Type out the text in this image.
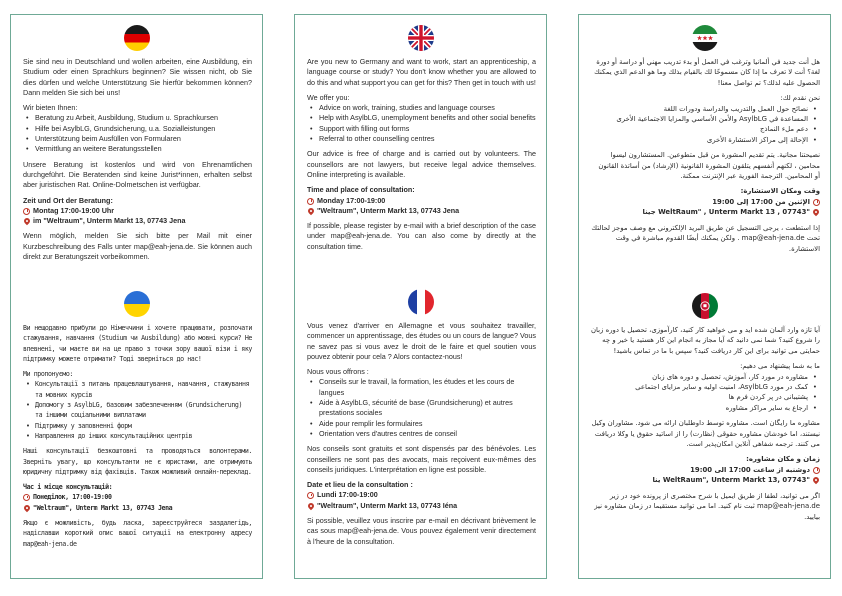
Sie sind neu in Deutschland und wollen arbeiten, eine Ausbildung, ein Studium oder einen Sprachkurs beginnen? Sie wissen nicht, ob Sie dies dürfen und welche Unterstützung Sie hierfür bekommen können? Dann melden Sie sich bei uns!

Wir bieten Ihnen:

• Beratung zu Arbeit, Ausbildung, Studium u. Sprachkursen
• Hilfe bei AsylbLG, Grundsicherung, u.a. Sozialleistungen
• Unterstützung beim Ausfüllen von Formularen
• Vermittlung an weitere Beratungsstellen

Unsere Beratung ist kostenlos und wird von Ehrenamtlichen durchgeführt. Die Beratenden sind keine Jurist*innen, erhalten selbst aber juristischen Rat. Online-Dolmetschen ist verfügbar.

Zeit und Ort der Beratung:

Montag 17:00-19:00 Uhr
im "Weltraum", Unterm Markt 13, 07743 Jena

Wenn möglich, melden Sie sich bitte per Mail mit einer Kurzbeschreibung des Falls unter map@eah-jena.de. Sie können auch direkt zur Beratungszeit vorbeikommen.

Ви нещодавно прибули до Німеччини і хочете працювати, розпочати стажування, навчання (Studium чи Ausbildung) або мовні курси? Не впевнені, чи маєте ви на це право з точки зору вашої візи і яку підтримку можете отримати? Тоді зверніться до нас!

Ми пропонуємо:

• Консультації з питань працевлаштування, навчання, стажування та мовних курсів
• Допомогу з AsylbLG, базовим забезпеченням (Grundsicherung) та іншими соціальними виплатами
• Підтримку у заповненні форм
• Направлення до інших консультаційних центрів

Наші консультації безкоштовні та проводяться волонтерами. Зверніть увагу, що консультанти не є юристами, але отримують юридичну підтримку від фахівців. Також можливий онлайн-переклад.

Час і місце консультацій:

Понеділок, 17:00-19:00
"Weltraum", Unterm Markt 13, 07743 Jena

Якщо є можливість, будь ласка, зареєструйтеся заздалегідь, надіславши короткий опис вашої ситуації на електронну адресу map@eah-jena.de

Are you new to Germany and want to work, start an apprenticeship, a language course or study? You don't know whether you are allowed to do this and what support you can get for this? Then get in touch with us!

We offer you:

• Advice on work, training, studies and language courses
• Help with AsylbLG, unemployment benefits and other social benefits
• Support with filling out forms
• Referral to other counselling centres

Our advice is free of charge and is carried out by volunteers. The counsellors are not lawyers, but receive legal advice themselves. Online interpreting is available.

Time and place of consultation:

Monday 17:00-19:00
"Weltraum", Unterm Markt 13, 07743 Jena

If possible, please register by e-mail with a brief description of the case under map@eah-jena.de. You can also come by directly at the consultation time.

Vous venez d'arriver en Allemagne et vous souhaitez travailler, commencer un apprentissage, des études ou un cours de langue? Vous ne savez pas si vous avez le droit de le faire et quel soutien vous pouvez obtenir pour cela ? Alors contactez-nous!

Nous vous offrons :

• Conseils sur le travail, la formation, les études et les cours de langues
• Aide à AsylbLG, sécurité de base (Grundsicherung) et autres prestations sociales
• Aide pour remplir les formulaires
• Orientation vers d'autres centres de conseil

Nos conseils sont gratuits et sont dispensés par des bénévoles. Les conseillers ne sont pas des avocats, mais reçoivent eux-mêmes des conseils juridiques. L'interprétation en ligne est possible.

Date et lieu de la consultation :

Lundi 17:00-19:00
"Weltraum", Unterm Markt 13, 07743 Iéna

Si possible, veuillez vous inscrire par e-mail en décrivant brièvement le cas sous map@eah-jena.de. Vous pouvez également venir directement à l'heure de la consultation.

هل أنت جديد في ألمانيا وترغب في العمل أو بدء تدريب مهني أو دراسة أو دورة لغة؟ أنت لا تعرف ما إذا كان مسموحًا لك بالقيام بذلك وما هو الدعم الذي يمكنك الحصول عليه لذلك؟ تم تواصل معنا!

نحن نقدم لك:

• نصائح حول العمل والتدريب والدراسة ودورات اللغة
• المساعدة في AsylbLG والأمن الأساسي والمزايا الاجتماعية الأخرى
• دعم ملء النماذج
• الإحالة إلى مراكز الاستشارة الأخرى

نصيحتنا مجانية. يتم تقديم المشورة من قبل متطوعين. المستشارون ليسوا محامين ، لكنهم أنفسهم يتلقون المشورة القانونية (الإرشاد) من أساتذة القانون أو المحامين. الترجمة الفورية عبر الإنترنت ممكنة.

وقت ومكان الاستشارة:

الإثنين من 17:00 إلى 19:00
"WeltRaum" , Unterm Markt 13 , 07743 جينا

إذا استطعت ، يرجى التسجيل عن طريق البريد الإلكتروني مع وصف موجز لحالتك تحت map@eah-jena.de . ولكن يمكنك أيضًا القدوم مباشرة في وقت الاستشارة.

آیا تازه وارد آلمان شده اید و می خواهید کار کنید، کارآموزی، تحصیل یا دوره زبان را شروع کنید؟ شما نمی دانید که آیا مجاز به انجام این کار هستید یا خیر و چه حمایتی می توانید برای این کار دریافت کنید؟ سپس با ما در تماس باشید!

ما به شما پیشنهاد می دهیم:

• مشاوره در مورد کار، آموزش، تحصیل و دوره های زبان
• کمک در مورد AsylbLG، امنیت اولیه و سایر مزایای اجتماعی
• پشتیبانی در پر کردن فرم ها
• ارجاع به سایر مراکز مشاوره

مشاوره ما رایگان است. مشاوره توسط داوطلبان ارائه می شود. مشاوران وکیل نیستند، اما خودشان مشاوره حقوقی (نظارت) را از اساتید حقوق یا وکلا دریافت می کنند. ترجمه شفاهی آنلاین امکان‌پذیر است.

زمان و مکان مشاوره:

دوشنبه از ساعت 17:00 الی 19:00
"WeltRaum", Unterm Markt 13, 07743 ینا

اگر می توانید، لطفا از طریق ایمیل با شرح مختصری از پرونده خود در زیر map@eah-jena.de ثبت نام کنید. اما می توانید مستقیما در زمان مشاوره نیز بیایید.
